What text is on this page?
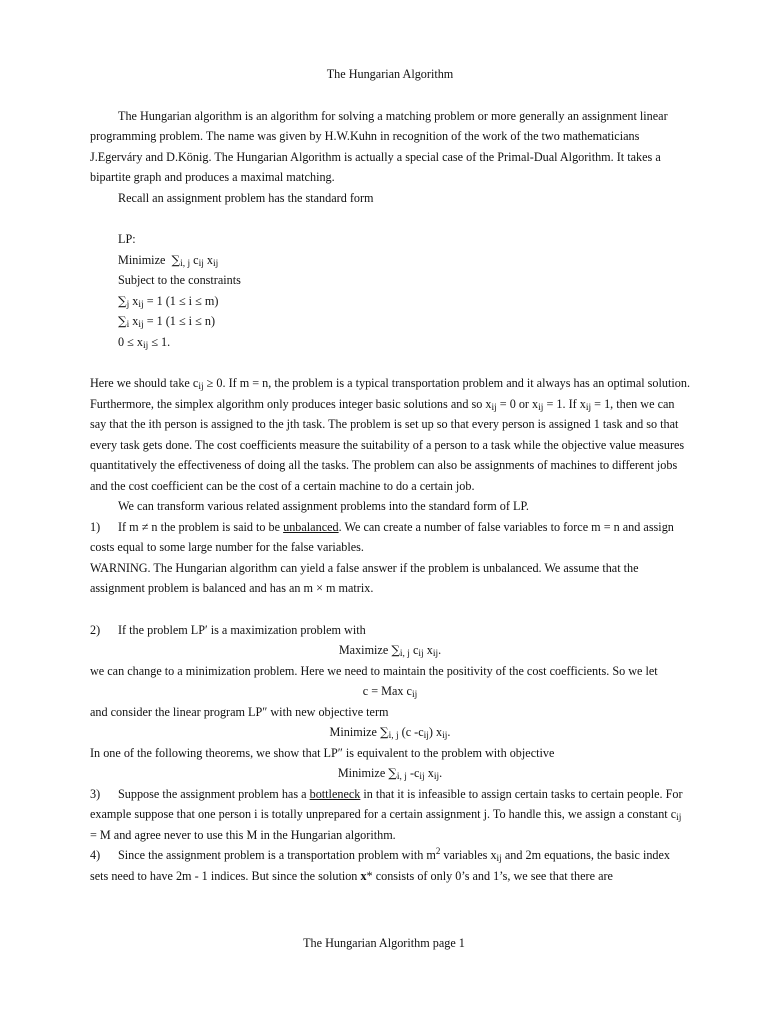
The Hungarian Algorithm

The Hungarian algorithm is an algorithm for solving a matching problem or more generally an assignment linear programming problem. The name was given by H.W.Kuhn in recognition of the work of the two mathematicians J.Egerváry and D.König. The Hungarian Algorithm is actually a special case of the Primal-Dual Algorithm. It takes a bipartite graph and produces a maximal matching.

Recall an assignment problem has the standard form

LP:

Minimize $\sum_{i, j}$ $c_{ij}$ $x_{ij}$

Subject to the constraints

$\sum_j$ $x_{ij} = 1$ (1 ≤ i ≤ m)

$\sum_i$ $x_{ij} = 1$ (1 ≤ i ≤ n)

$0 \le x_{ij} \le 1$.

Here we should take $c_{ij} \ge 0$. If m = n, the problem is a typical transportation problem and it always has an optimal solution. Furthermore, the simplex algorithm only produces integer basic solutions and so $x_{ij} = 0$ or $x_{ij} = 1$. If $x_{ij} = 1$, then we can say that the ith person is assigned to the jth task. The problem is set up so that every person is assigned 1 task and so that every task gets done. The cost coefficients measure the suitability of a person to a task while the objective value measures quantitatively the effectiveness of doing all the tasks. The problem can also be assignments of machines to different jobs and the cost coefficient can be the cost of a certain machine to do a certain job.

We can transform various related assignment problems into the standard form of LP.

1) If m ≠ n the problem is said to be unbalanced. We can create a number of false variables to force m = n and assign costs equal to some large number for the false variables.

WARNING. The Hungarian algorithm can yield a false answer if the problem is unbalanced. We assume that the assignment problem is balanced and has an m × m matrix.

2) If the problem LP′ is a maximization problem with

Maximize $\sum_{i, j}$ $c_{ij}$ $x_{ij}$.

we can change to a minimization problem. Here we need to maintain the positivity of the cost coefficients. So we let

c = Max $c_{ij}$

and consider the linear program LP″ with new objective term

Minimize $\sum_{i, j}$ (c $-c_{ij}$) $x_{ij}$.

In one of the following theorems, we show that LP″ is equivalent to the problem with objective

Minimize $\sum_{i, j}$ $-c_{ij}$ $x_{ij}$.

3) Suppose the assignment problem has a bottleneck in that it is infeasible to assign certain tasks to certain people. For example suppose that one person i is totally unprepared for a certain assignment j. To handle this, we assign a constant $c_{ij} = M$ and agree never to use this M in the Hungarian algorithm.

4) Since the assignment problem is a transportation problem with $m^2$ variables $x_{ij}$ and 2m equations, the basic index sets need to have 2m - 1 indices. But since the solution x* consists of only 0’s and 1’s, we see that there are

The Hungarian Algorithm page 1
